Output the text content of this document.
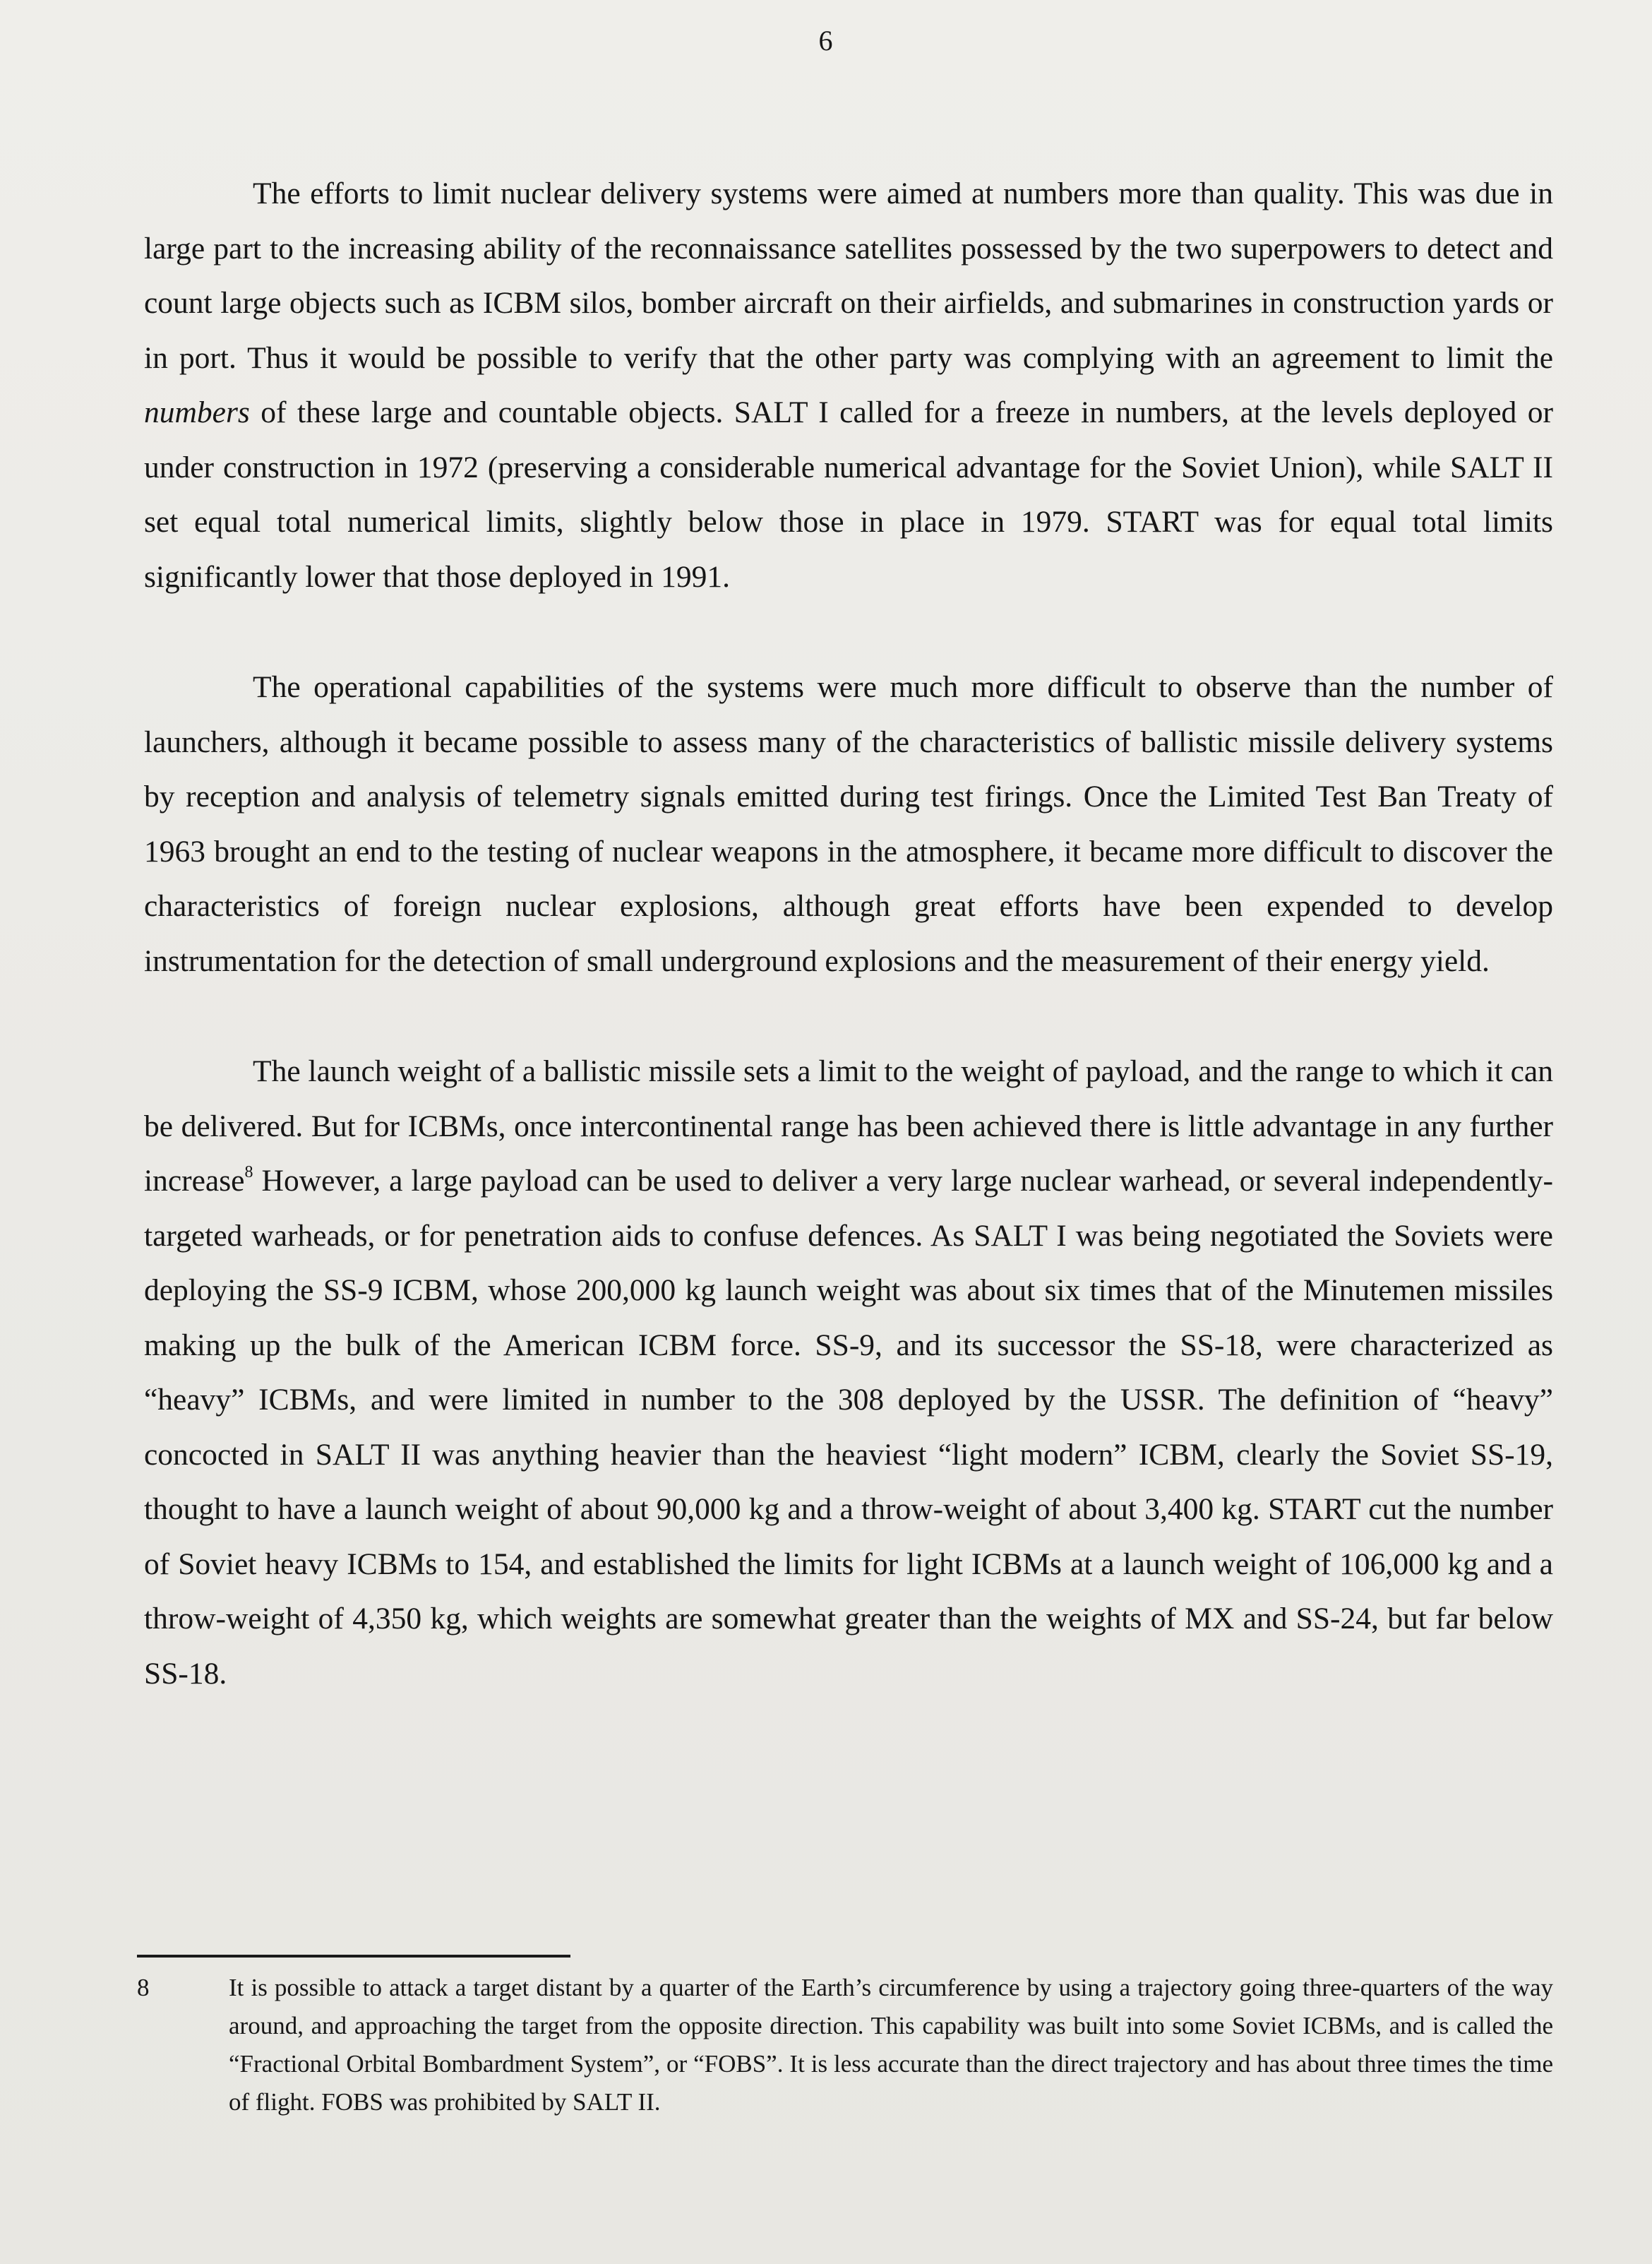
6

The efforts to limit nuclear delivery systems were aimed at numbers more than quality. This was due in large part to the increasing ability of the reconnaissance satellites possessed by the two superpowers to detect and count large objects such as ICBM silos, bomber aircraft on their airfields, and submarines in construction yards or in port. Thus it would be possible to verify that the other party was complying with an agreement to limit the numbers of these large and countable objects. SALT I called for a freeze in numbers, at the levels deployed or under construction in 1972 (preserving a considerable numerical advantage for the Soviet Union), while SALT II set equal total numerical limits, slightly below those in place in 1979. START was for equal total limits significantly lower that those deployed in 1991.

The operational capabilities of the systems were much more difficult to observe than the number of launchers, although it became possible to assess many of the characteristics of ballistic missile delivery systems by reception and analysis of telemetry signals emitted during test firings. Once the Limited Test Ban Treaty of 1963 brought an end to the testing of nuclear weapons in the atmosphere, it became more difficult to discover the characteristics of foreign nuclear explosions, although great efforts have been expended to develop instrumentation for the detection of small underground explosions and the measurement of their energy yield.

The launch weight of a ballistic missile sets a limit to the weight of payload, and the range to which it can be delivered. But for ICBMs, once intercontinental range has been achieved there is little advantage in any further increase$^8$ However, a large payload can be used to deliver a very large nuclear warhead, or several independently-targeted warheads, or for penetration aids to confuse defences. As SALT I was being negotiated the Soviets were deploying the SS-9 ICBM, whose 200,000 kg launch weight was about six times that of the Minutemen missiles making up the bulk of the American ICBM force. SS-9, and its successor the SS-18, were characterized as “heavy” ICBMs, and were limited in number to the 308 deployed by the USSR. The definition of “heavy” concocted in SALT II was anything heavier than the heaviest “light modern” ICBM, clearly the Soviet SS-19, thought to have a launch weight of about 90,000 kg and a throw-weight of about 3,400 kg. START cut the number of Soviet heavy ICBMs to 154, and established the limits for light ICBMs at a launch weight of 106,000 kg and a throw-weight of 4,350 kg, which weights are somewhat greater than the weights of MX and SS-24, but far below SS-18.

8	It is possible to attack a target distant by a quarter of the Earth’s circumference by using a trajectory going three-quarters of the way around, and approaching the target from the opposite direction. This capability was built into some Soviet ICBMs, and is called the “Fractional Orbital Bombardment System”, or “FOBS”. It is less accurate than the direct trajectory and has about three times the time of flight. FOBS was prohibited by SALT II.
